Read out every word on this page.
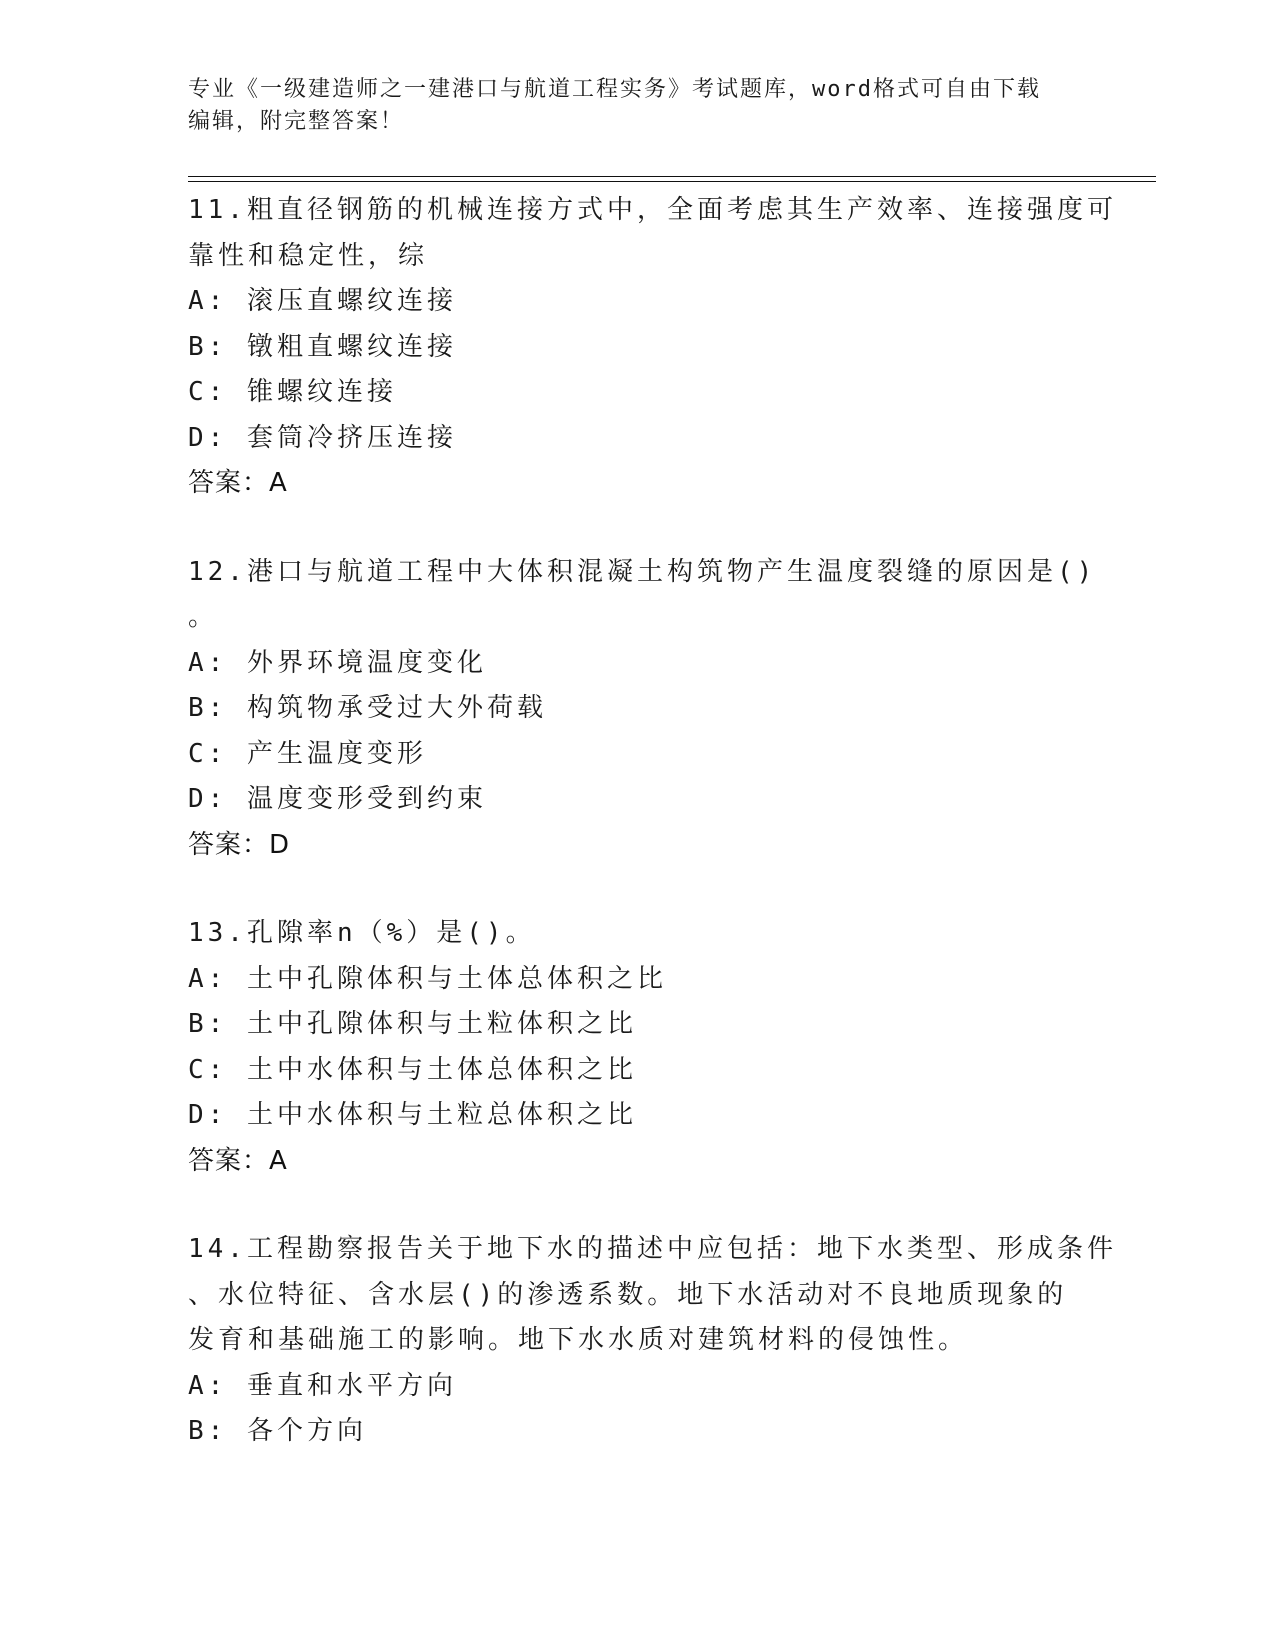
专业《一级建造师之一建港口与航道工程实务》考试题库，word格式可自由下载
编辑，附完整答案！
11.粗直径钢筋的机械连接方式中，全面考虑其生产效率、连接强度可
靠性和稳定性，综
A: 滚压直螺纹连接
B: 镦粗直螺纹连接
C: 锥螺纹连接
D: 套筒冷挤压连接
答案：A
12.港口与航道工程中大体积混凝土构筑物产生温度裂缝的原因是()
。
A: 外界环境温度变化
B: 构筑物承受过大外荷载
C: 产生温度变形
D: 温度变形受到约束
答案：D
13.孔隙率n（%）是()。
A: 土中孔隙体积与土体总体积之比
B: 土中孔隙体积与土粒体积之比
C: 土中水体积与土体总体积之比
D: 土中水体积与土粒总体积之比
答案：A
14.工程勘察报告关于地下水的描述中应包括：地下水类型、形成条件
、水位特征、含水层()的渗透系数。地下水活动对不良地质现象的
发育和基础施工的影响。地下水水质对建筑材料的侵蚀性。
A: 垂直和水平方向
B: 各个方向
